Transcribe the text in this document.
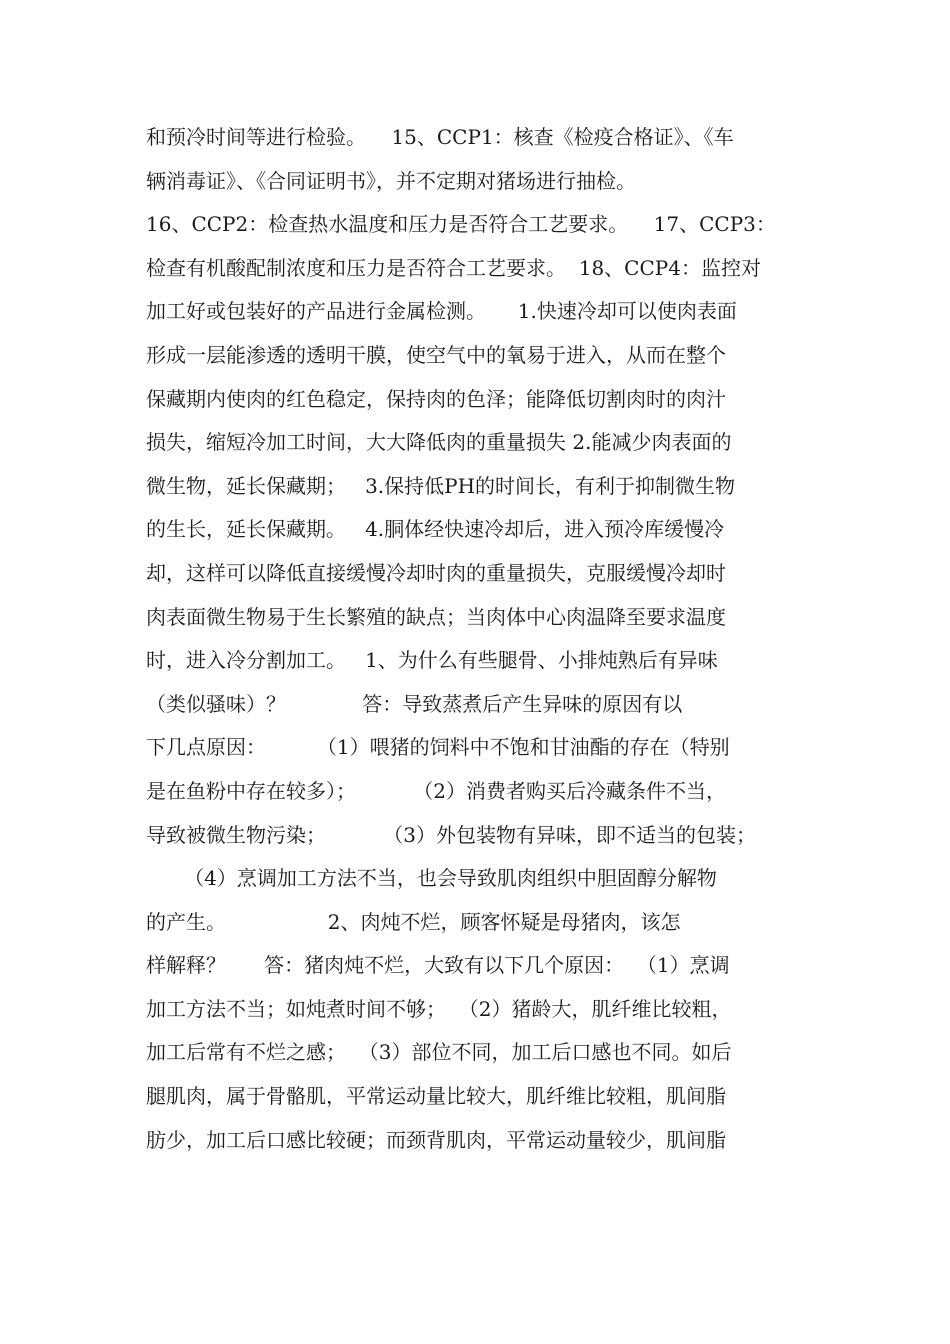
和预冷时间等进行检验。    15、CCP1：核查《检疫合格证》、《车
辆消毒证》、《合同证明书》，并不定期对猪场进行抽检。
16、CCP2：检查热水温度和压力是否符合工艺要求。    17、CCP3：
检查有机酸配制浓度和压力是否符合工艺要求。  18、CCP4：监控对
加工好或包装好的产品进行金属检测。     1.快速冷却可以使肉表面
形成一层能渗透的透明干膜，使空气中的氧易于进入，从而在整个
保藏期内使肉的红色稳定，保持肉的色泽；能降低切割肉时的肉汁
损失，缩短冷加工时间，大大降低肉的重量损失 2.能减少肉表面的
微生物，延长保藏期；   3.保持低PH的时间长，有利于抑制微生物
的生长，延长保藏期。   4.胴体经快速冷却后，进入预冷库缓慢冷
却，这样可以降低直接缓慢冷却时肉的重量损失，克服缓慢冷却时
肉表面微生物易于生长繁殖的缺点；当肉体中心肉温降至要求温度
时，进入冷分割加工。   1、为什么有些腿骨、小排炖熟后有异味
（类似骚味）？            答：导致蒸煮后产生异味的原因有以
下几点原因：        （1）喂猪的饲料中不饱和甘油酯的存在（特别
是在鱼粉中存在较多）；         （2）消费者购买后冷藏条件不当，
导致被微生物污染；         （3）外包装物有异味，即不适当的包装；
（4）烹调加工方法不当，也会导致肌肉组织中胆固醇分解物
的产生。                2、肉炖不烂，顾客怀疑是母猪肉，该怎
样解释？      答：猪肉炖不烂，大致有以下几个原因：  （1）烹调
加工方法不当；如炖煮时间不够；  （2）猪龄大，肌纤维比较粗，
加工后常有不烂之感；  （3）部位不同，加工后口感也不同。如后
腿肌肉，属于骨骼肌，平常运动量比较大，肌纤维比较粗，肌间脂
肪少，加工后口感比较硬；而颈背肌肉，平常运动量较少，肌间脂
